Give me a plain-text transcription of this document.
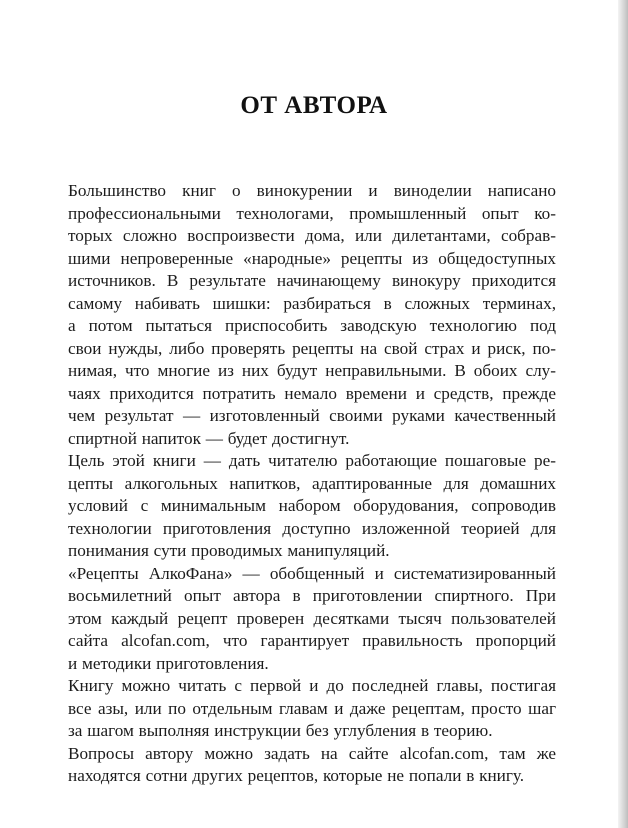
ОТ АВТОРА
Большинство книг о винокурении и виноделии написано
профессиональными технологами, промышленный опыт ко-
торых сложно воспроизвести дома, или дилетантами, собрав-
шими непроверенные «народные» рецепты из общедоступных
источников. В результате начинающему винокуру приходится
самому набивать шишки: разбираться в сложных терминах,
а потом пытаться приспособить заводскую технологию под
свои нужды, либо проверять рецепты на свой страх и риск, по-
нимая, что многие из них будут неправильными. В обоих слу-
чаях приходится потратить немало времени и средств, прежде
чем результат — изготовленный своими руками качественный
спиртной напиток — будет достигнут.
Цель этой книги — дать читателю работающие пошаговые ре-
цепты алкогольных напитков, адаптированные для домашних
условий с минимальным набором оборудования, сопроводив
технологии приготовления доступно изложенной теорией для
понимания сути проводимых манипуляций.
«Рецепты АлкоФана» — обобщенный и систематизированный
восьмилетний опыт автора в приготовлении спиртного. При
этом каждый рецепт проверен десятками тысяч пользователей
сайта alcofan.com, что гарантирует правильность пропорций
и методики приготовления.
Книгу можно читать с первой и до последней главы, постигая
все азы, или по отдельным главам и даже рецептам, просто шаг
за шагом выполняя инструкции без углубления в теорию.
Вопросы автору можно задать на сайте alcofan.com, там же
находятся сотни других рецептов, которые не попали в книгу.
